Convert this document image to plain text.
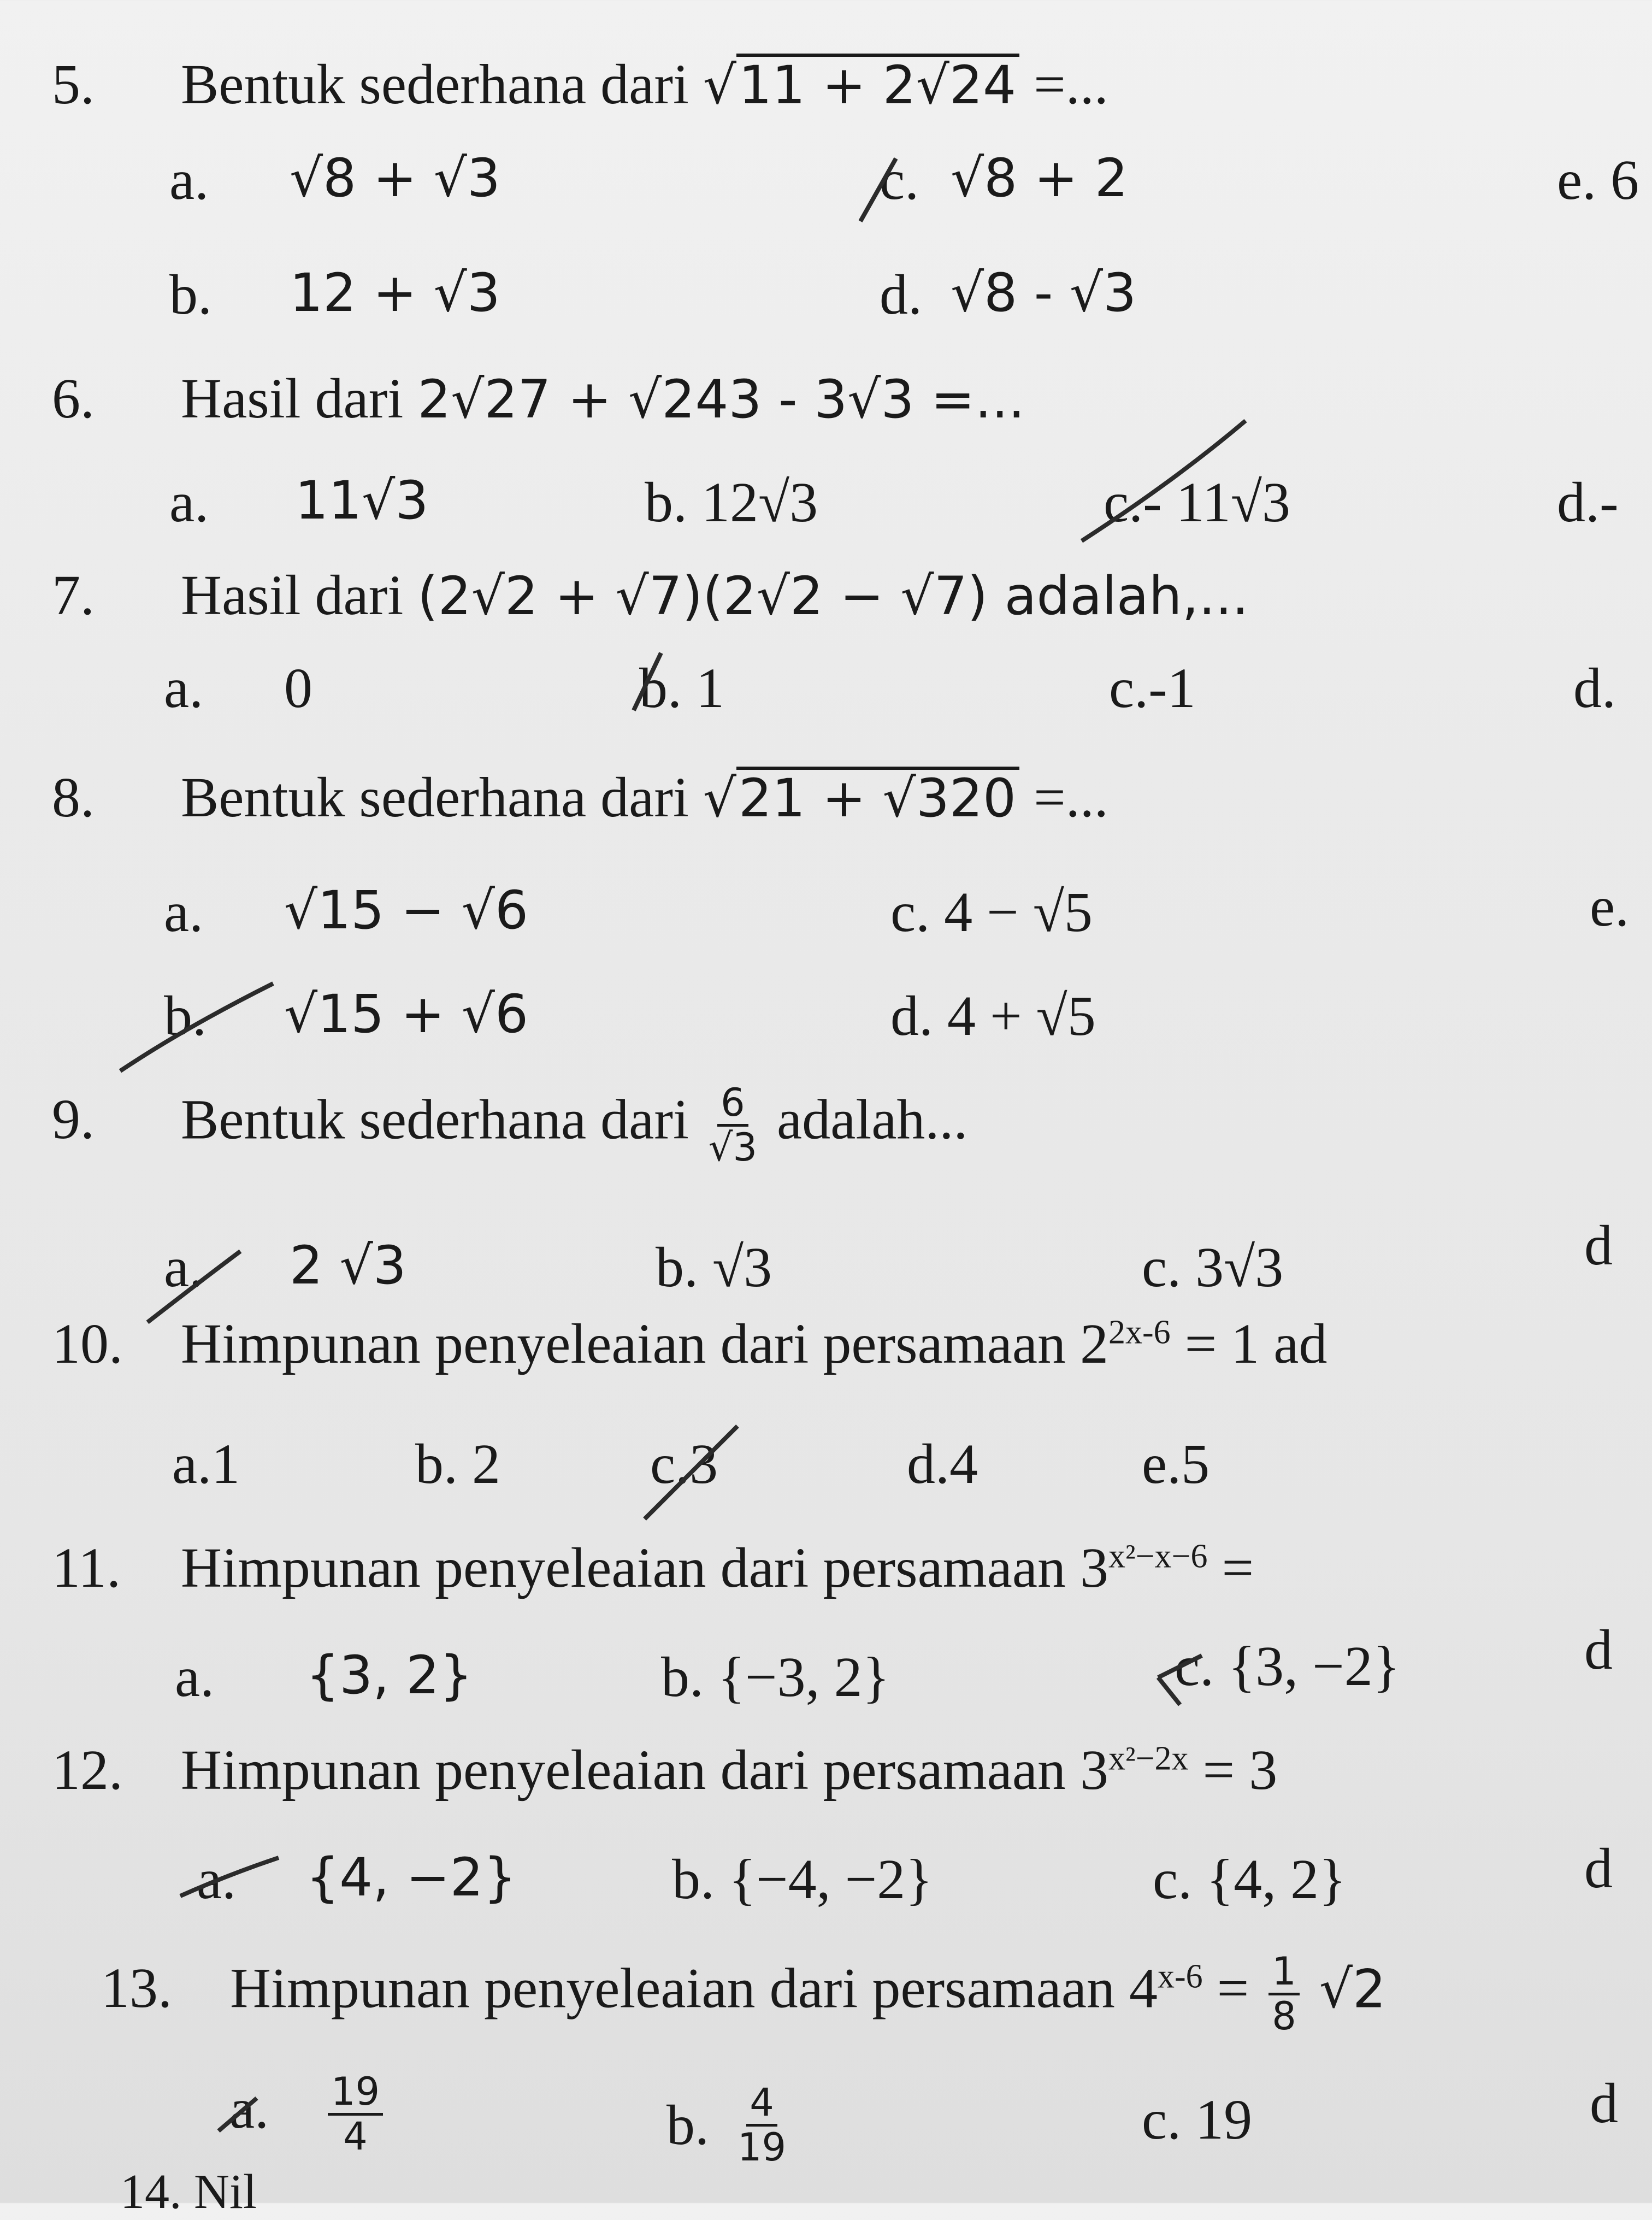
5. Bentuk sederhana dari √11 + 2√24 =...
a. √8 + √3	c. √8 + 2	e. 6
b. 12 + √3	d. √8 - √3
6. Hasil dari 2√27 + √243 - 3√3 =...
a. 11√3	b. 12√3	c.- 11√3	d.-
7. Hasil dari (2√2 + √7)(2√2 − √7) adalah,...
a. 0	b. 1	c.-1	d.
8. Bentuk sederhana dari √21 + √320 =...
a. √15 − √6	c. 4 − √5	e.
b. √15 + √6	d. 4 + √5
9. Bentuk sederhana dari $\frac{6}{√3}$ adalah...
a. 2 √3	b. √3	c. 3√3	d
10. Himpunan penyeleaian dari persamaan $2^{2x-6} = 1$ ad
a.1	b. 2	c.3	d.4	e.5
11. Himpunan penyeleaian dari persamaan $3^{x^2-x-6}$ =
a. {3, 2}	b. {−3, 2}	c. {3, −2}	d
12. Himpunan penyeleaian dari persamaan $3^{x^2-2x} = 3$
a. {4, −2}	b. {−4, −2}	c. {4, 2}	d
13. Himpunan penyeleaian dari persamaan $4^{x-6} = \frac{1}{8} √2$
a. $\frac{19}{4}$	b. $\frac{4}{19}$	c. 19	d
14. Nil
